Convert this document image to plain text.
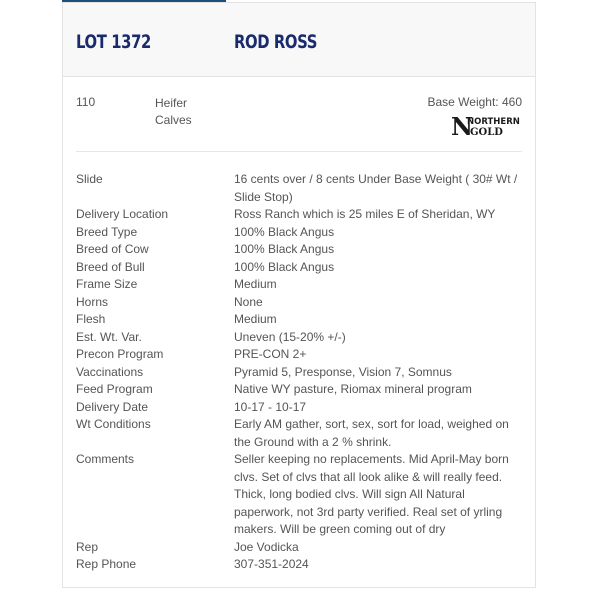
LOT 1372	ROD ROSS
110	Heifer Calves
Base Weight: 460
N
NORTHERN
GOLD
Slide	16 cents over / 8 cents Under Base Weight ( 30# Wt / Slide Stop)
Delivery Location	Ross Ranch which is 25 miles E of Sheridan, WY
Breed Type	100% Black Angus
Breed of Cow	100% Black Angus
Breed of Bull	100% Black Angus
Frame Size	Medium
Horns	None
Flesh	Medium
Est. Wt. Var.	Uneven (15-20% +/-)
Precon Program	PRE-CON 2+
Vaccinations	Pyramid 5, Presponse, Vision 7, Somnus
Feed Program	Native WY pasture, Riomax mineral program
Delivery Date	10-17 - 10-17
Wt Conditions	Early AM gather, sort, sex, sort for load, weighed on the Ground with a 2 % shrink.
Comments	Seller keeping no replacements. Mid April-May born clvs. Set of clvs that all look alike & will really feed. Thick, long bodied clvs. Will sign All Natural paperwork, not 3rd party verified. Real set of yrling makers. Will be green coming out of dry
Rep	Joe Vodicka
Rep Phone	307-351-2024
